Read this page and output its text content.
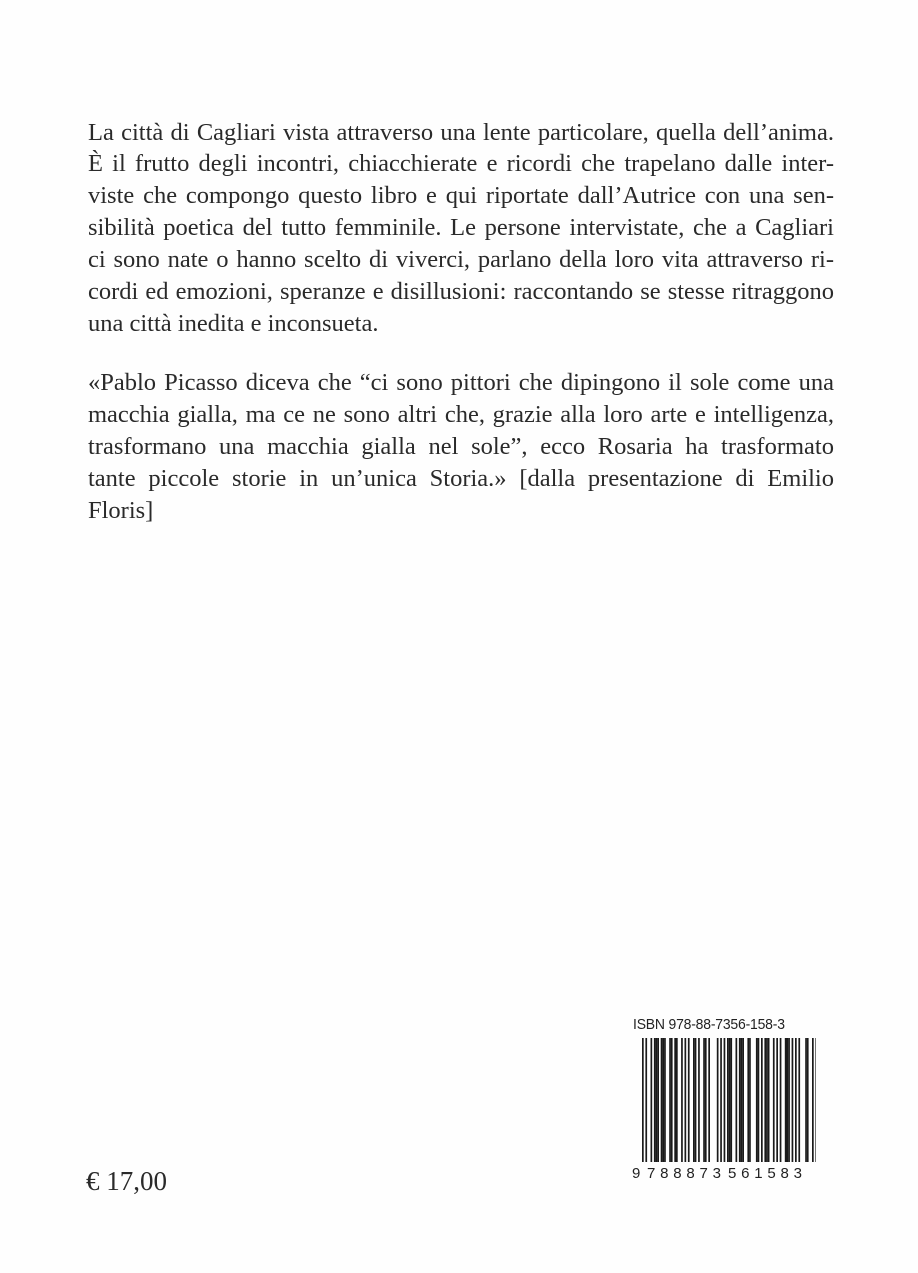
La città di Cagliari vista attraverso una lente particolare, quella dell’anima.
È il frutto degli incontri, chiacchierate e ricordi che trapelano dalle inter-
viste che compongo questo libro e qui riportate dall’Autrice con una sen-
sibilità poetica del tutto femminile. Le persone intervistate, che a Cagliari
ci sono nate o hanno scelto di viverci, parlano della loro vita attraverso ri-
cordi ed emozioni, speranze e disillusioni: raccontando se stesse ritraggono
una città inedita e inconsueta.
«Pablo Picasso diceva che “ci sono pittori che dipingono il sole come una
macchia gialla, ma ce ne sono altri che, grazie alla loro arte e intelligenza,
trasformano una macchia gialla nel sole”, ecco Rosaria ha trasformato
tante piccole storie in un’unica Storia.» [dalla presentazione di Emilio
Floris]
€ 17,00
ISBN 978-88-7356-158-3
9 788873 561583
